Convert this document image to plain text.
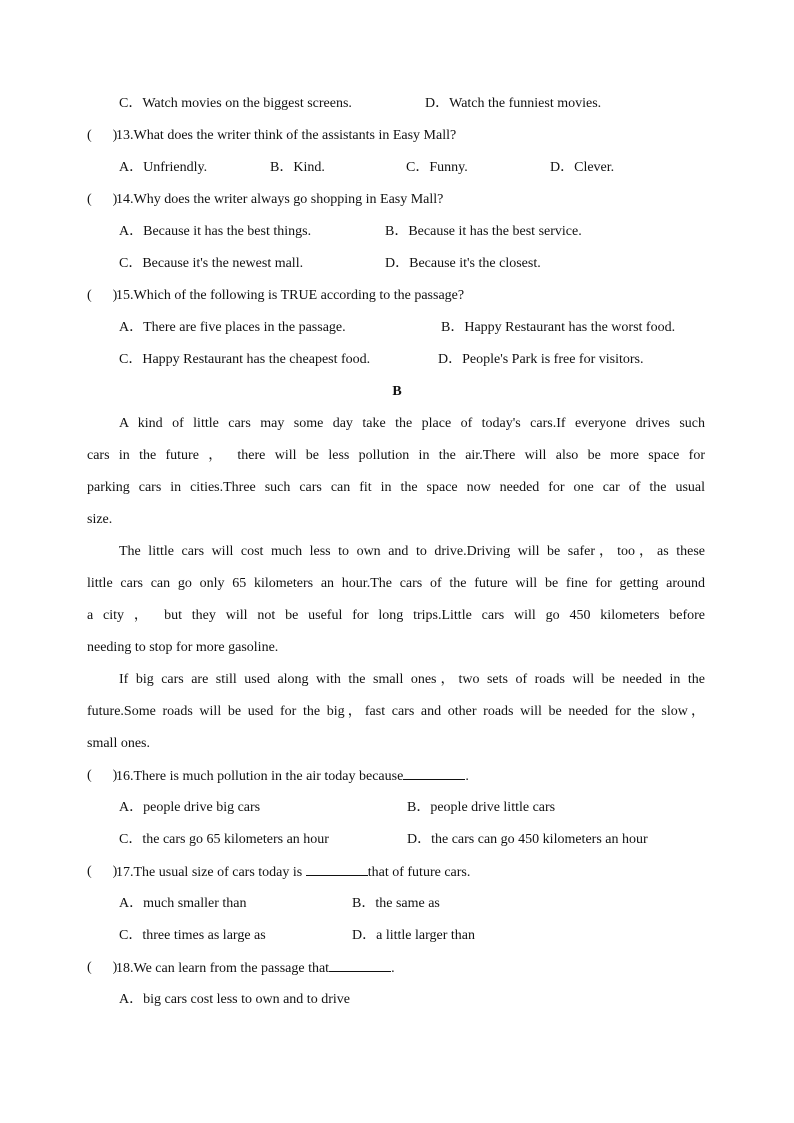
C．Watch movies on the biggest screens.	D．Watch the funniest movies.
(      )
13.What does the writer think of the assistants in Easy Mall?
A．Unfriendly.	B．Kind.	C．Funny.	D．Clever.
(      )
14.Why does the writer always go shopping in Easy Mall?
A．Because it has the best things.	B．Because it has the best service.
C．Because it's the newest mall.	D．Because it's the closest.
(      )
15.Which of the following is TRUE according to the passage?
A．There are five places in the passage.	B．Happy Restaurant has the worst food.
C．Happy Restaurant has the cheapest food.	D．People's Park is free for visitors.
B
A kind of little cars may some day take the place of today's cars.If everyone drives such
cars in the future ， there will be less pollution in the air.There will also be more space for
parking cars in cities.Three such cars can fit in the space now needed for one car of the usual
size.
The little cars will cost much less to own and to drive.Driving will be safer，too，as these
little cars can go only 65 kilometers an hour.The cars of the future will be fine for getting around
a city ， but they will not be useful for long trips.Little cars will go 450 kilometers before
needing to stop for more gasoline.
If big cars are still used along with the small ones，two sets of roads will be needed in the
future.Some roads will be used for the big，fast cars and other roads will be needed for the slow，
small ones.
(      )
16.There is much pollution in the air today because	.
A．people drive big cars	B．people drive little cars
C．the cars go 65 kilometers an hour	D．the cars can go 450 kilometers an hour
(      )
17.The usual size of cars today is	that of future cars.
A．much smaller than	B．the same as
C．three times as large as	D．a little larger than
(      )
18.We can learn from the passage that	.
A．big cars cost less to own and to drive
